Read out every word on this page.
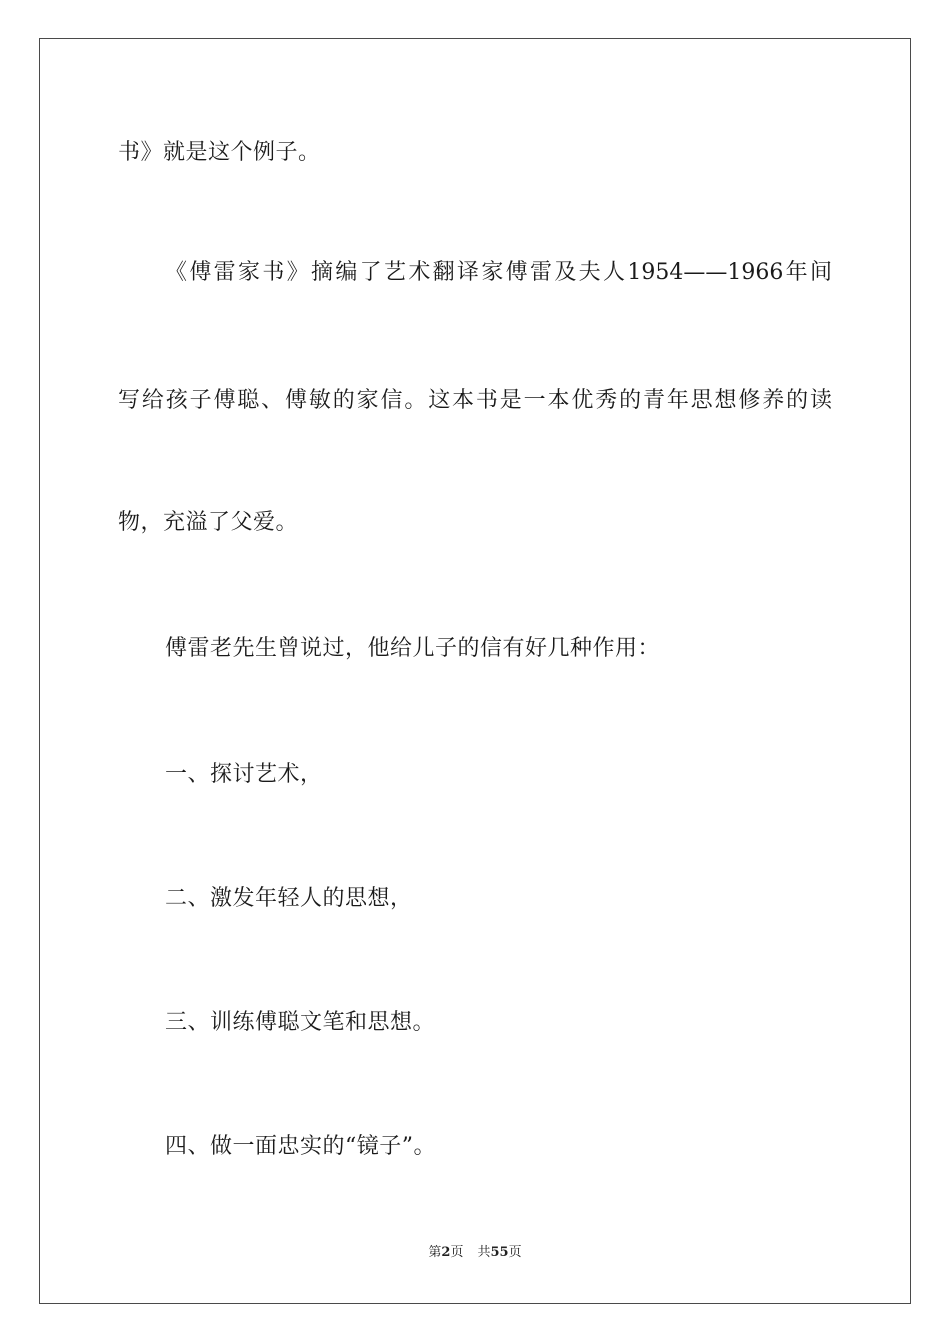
书》就是这个例子。
《傅雷家书》摘编了艺术翻译家傅雷及夫人1954——1966年间
写给孩子傅聪、傅敏的家信。这本书是一本优秀的青年思想修养的读
物，充溢了父爱。
傅雷老先生曾说过，他给儿子的信有好几种作用：
一、探讨艺术，
二、激发年轻人的思想，
三、训练傅聪文笔和思想。
四、做一面忠实的“镜子”。
第2页 共55页
